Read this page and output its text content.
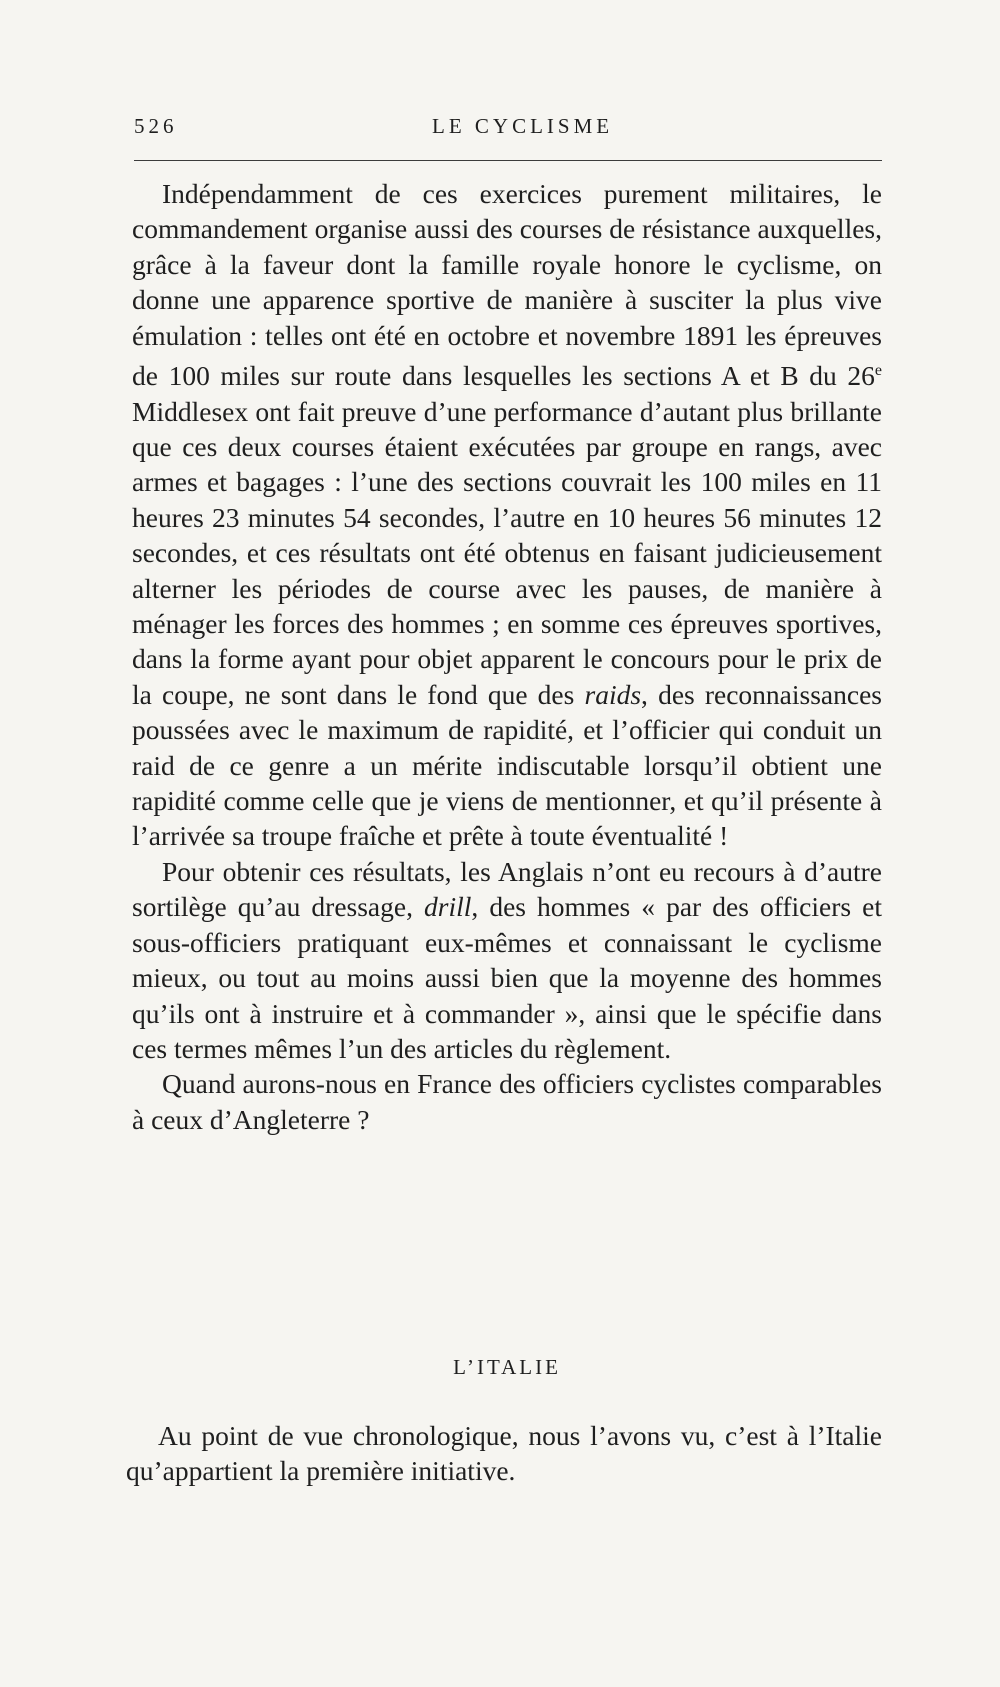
526	LE CYCLISME

Indépendamment de ces exercices purement militaires, le commandement organise aussi des courses de résistance auxquelles, grâce à la faveur dont la famille royale honore le cyclisme, on donne une apparence sportive de manière à susciter la plus vive émulation : telles ont été en octobre et novembre 1891 les épreuves de 100 miles sur route dans lesquelles les sections A et B du 26e Middlesex ont fait preuve d’une performance d’autant plus brillante que ces deux courses étaient exécutées par groupe en rangs, avec armes et bagages : l’une des sections couvrait les 100 miles en 11 heures 23 minutes 54 secondes, l’autre en 10 heures 56 minutes 12 secondes, et ces résultats ont été obtenus en faisant judicieusement alterner les périodes de course avec les pauses, de manière à ménager les forces des hommes ; en somme ces épreuves sportives, dans la forme ayant pour objet apparent le concours pour le prix de la coupe, ne sont dans le fond que des raids, des reconnaissances poussées avec le maximum de rapidité, et l’officier qui conduit un raid de ce genre a un mérite indiscutable lorsqu’il obtient une rapidité comme celle que je viens de mentionner, et qu’il présente à l’arrivée sa troupe fraîche et prête à toute éventualité !

Pour obtenir ces résultats, les Anglais n’ont eu recours à d’autre sortilège qu’au dressage, drill, des hommes « par des officiers et sous-officiers pratiquant eux-mêmes et connaissant le cyclisme mieux, ou tout au moins aussi bien que la moyenne des hommes qu’ils ont à instruire et à commander », ainsi que le spécifie dans ces termes mêmes l’un des articles du règlement.

Quand aurons-nous en France des officiers cyclistes comparables à ceux d’Angleterre ?

L’ITALIE

Au point de vue chronologique, nous l’avons vu, c’est à l’Italie qu’appartient la première initiative.
